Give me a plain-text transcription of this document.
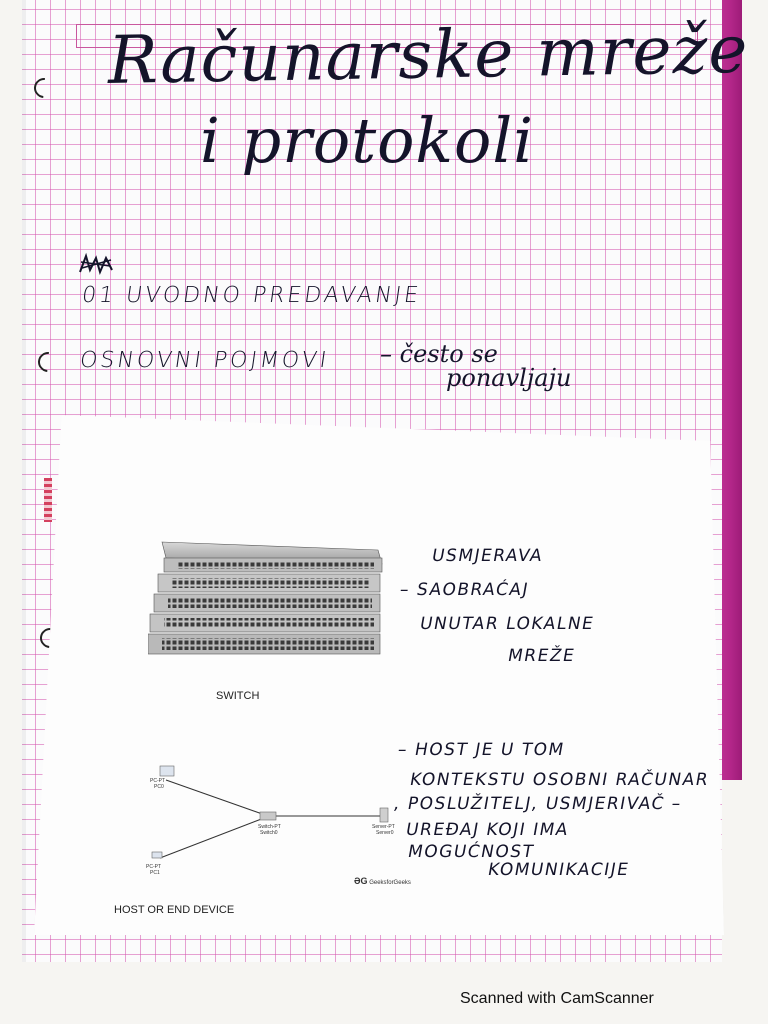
Računarske mreže
i protokoli
01 UVODNO PREDAVANJE
OSNOVNI POJMOVI – često se
ponavljaju
SWITCH
PC-PT
PC0
PC-PT
PC1
Switch-PT
Switch0
Server-PT
Server0
ƏG GeeksforGeeks
HOST OR END DEVICE
USMJERAVA
– SAOBRAĆAJ
UNUTAR LOKALNE
MREŽE
– HOST JE U TOM
KONTEKSTU OSOBNI RAČUNAR
, POSLUŽITELJ, USMJERIVAČ –
UREĐAJ KOJI IMA
MOGUĆNOST
KOMUNIKACIJE
Scanned with CamScanner
